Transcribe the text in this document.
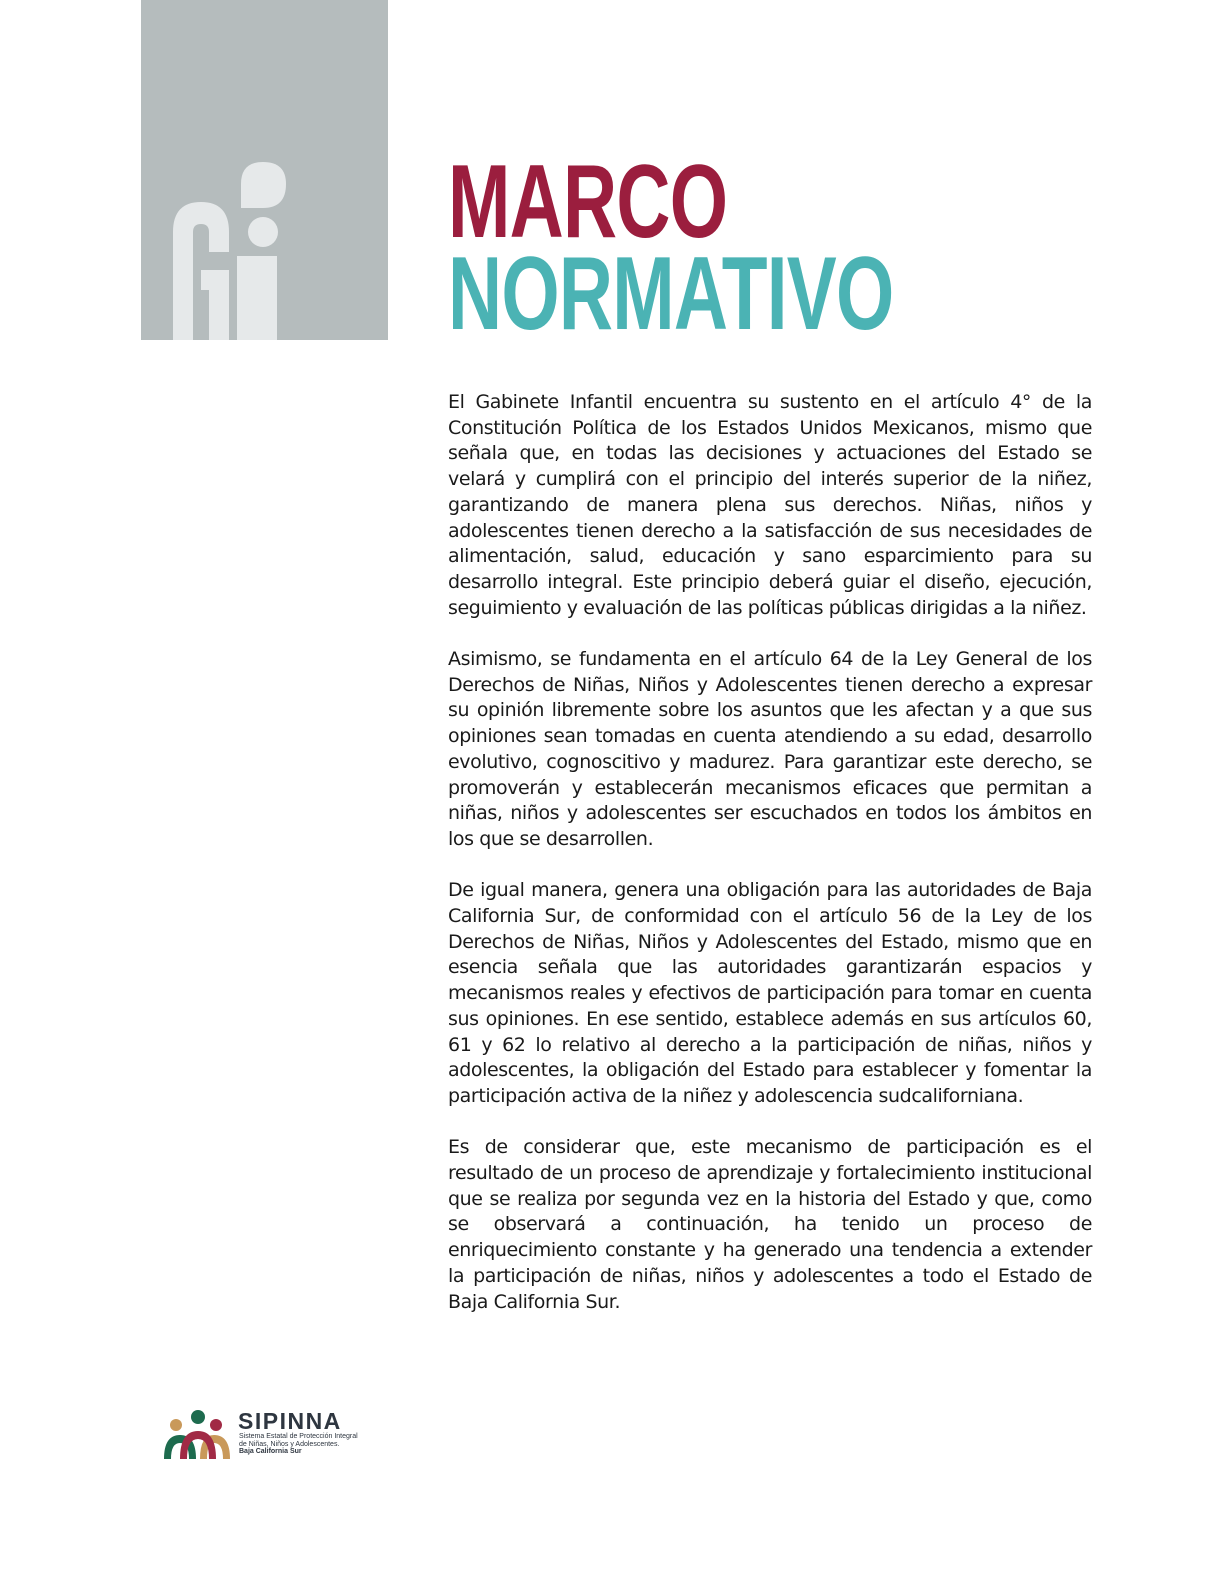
MARCO
NORMATIVO

El Gabinete Infantil encuentra su sustento en el artículo 4° de la Constitución Política de los Estados Unidos Mexicanos, mismo que señala que, en todas las decisiones y actuaciones del Estado se velará y cumplirá con el principio del interés superior de la niñez, garantizando de manera plena sus derechos. Niñas, niños y adolescentes tienen derecho a la satisfacción de sus necesidades de alimentación, salud, educación y sano esparcimiento para su desarrollo integral. Este principio deberá guiar el diseño, ejecución, seguimiento y evaluación de las políticas públicas dirigidas a la niñez.

Asimismo, se fundamenta en el artículo 64 de la Ley General de los Derechos de Niñas, Niños y Adolescentes tienen derecho a expresar su opinión libremente sobre los asuntos que les afectan y a que sus opiniones sean tomadas en cuenta atendiendo a su edad, desarrollo evolutivo, cognoscitivo y madurez. Para garantizar este derecho, se promoverán y establecerán mecanismos eficaces que permitan a niñas, niños y adolescentes ser escuchados en todos los ámbitos en los que se desarrollen.

De igual manera, genera una obligación para las autoridades de Baja California Sur, de conformidad con el artículo 56 de la Ley de los Derechos de Niñas, Niños y Adolescentes del Estado, mismo que en esencia señala que las autoridades garantizarán espacios y mecanismos reales y efectivos de participación para tomar en cuenta sus opiniones. En ese sentido, establece además en sus artículos 60, 61 y 62 lo relativo al derecho a la participación de niñas, niños y adolescentes, la obligación del Estado para establecer y fomentar la participación activa de la niñez y adolescencia sudcaliforniana.

Es de considerar que, este mecanismo de participación es el resultado de un proceso de aprendizaje y fortalecimiento institucional que se realiza por segunda vez en la historia del Estado y que, como se observará a continuación, ha tenido un proceso de enriquecimiento constante y ha generado una tendencia a extender la participación de niñas, niños y adolescentes a todo el Estado de Baja California Sur.

SIPINNA
Sistema Estatal de Protección Integral
de Niñas, Niños y Adolescentes.
Baja California Sur
